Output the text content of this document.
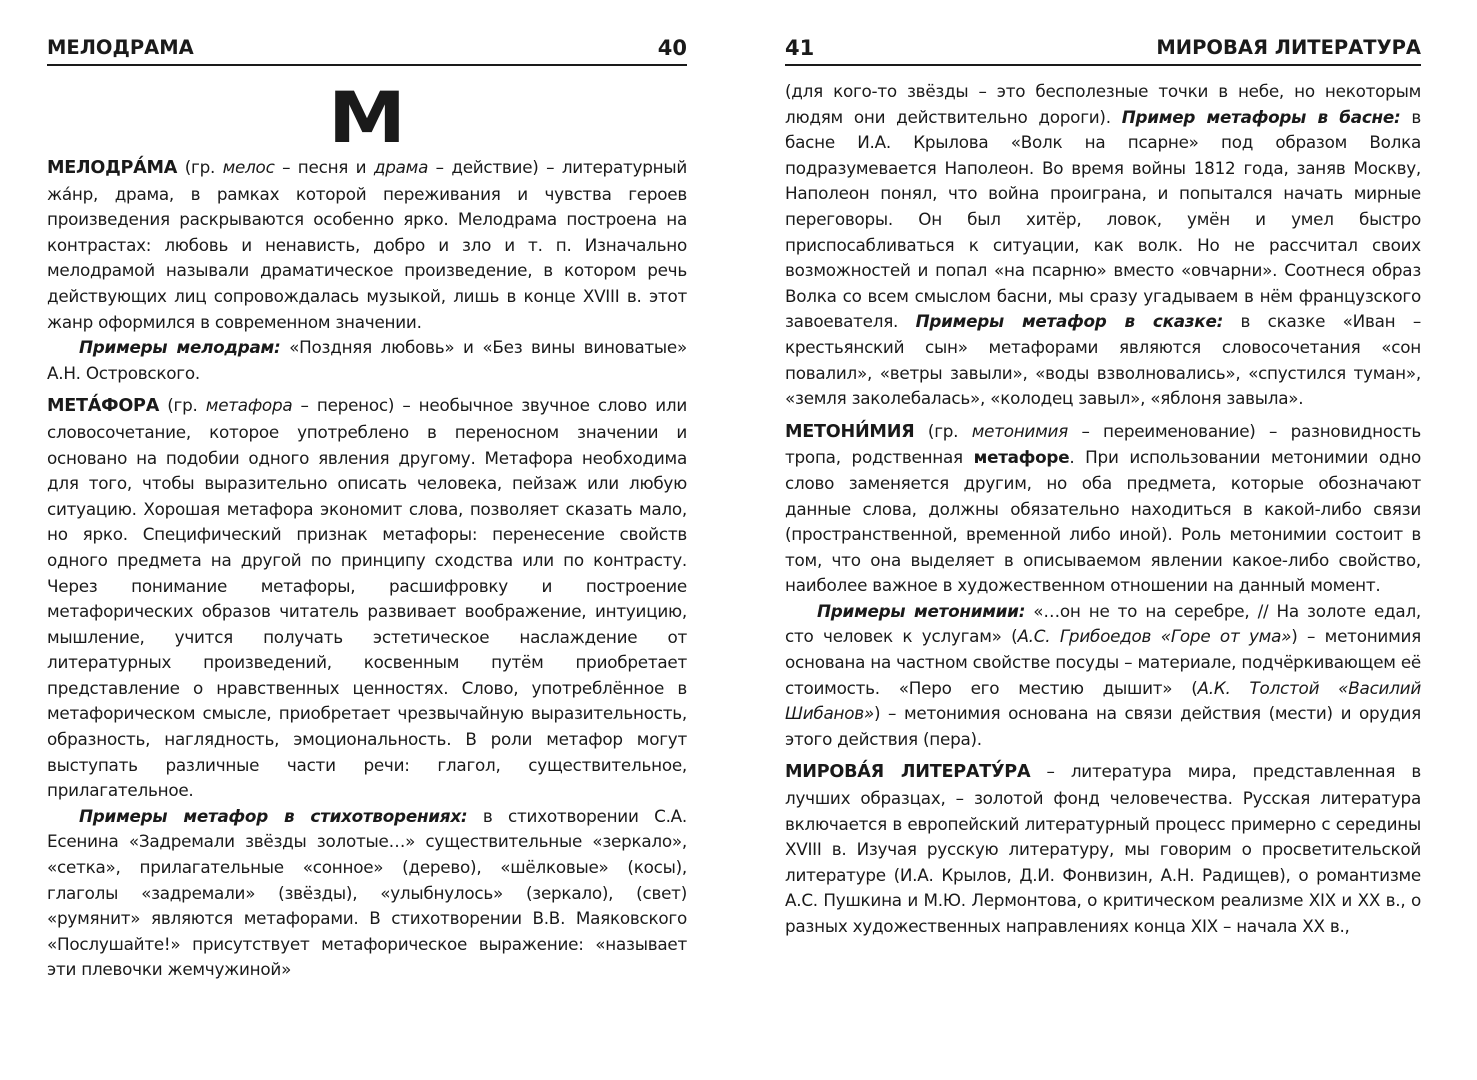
МЕЛОДРАМА	40
М

МЕЛОДРА́МА (гр. мелос – песня и драма – действие) – литературный жа́нр, драма, в рамках которой переживания и чувства героев произведения раскрываются особенно ярко. Мелодрама построена на контрастах: любовь и ненависть, добро и зло и т. п. Изначально мелодрамой называли драматическое произведение, в котором речь действующих лиц сопровождалась музыкой, лишь в конце XVIII в. этот жанр оформился в современном значении.

Примеры мелодрам: «Поздняя любовь» и «Без вины виноватые» А.Н. Островского.

МЕТА́ФОРА (гр. метафора – перенос) – необычное звучное слово или словосочетание, которое употреблено в переносном значении и основано на подобии одного явления другому. Метафора необходима для того, чтобы выразительно описать человека, пейзаж или любую ситуацию. Хорошая метафора экономит слова, позволяет сказать мало, но ярко. Специфический признак метафоры: перенесение свойств одного предмета на другой по принципу сходства или по контрасту. Через понимание метафоры, расшифровку и построение метафорических образов читатель развивает воображение, интуицию, мышление, учится получать эстетическое наслаждение от литературных произведений, косвенным путём приобретает представление о нравственных ценностях. Слово, употреблённое в метафорическом смысле, приобретает чрезвычайную выразительность, образность, наглядность, эмоциональность. В роли метафор могут выступать различные части речи: глагол, существительное, прилагательное.

Примеры метафор в стихотворениях: в стихотворении С.А. Есенина «Задремали звёзды золотые…» существительные «зеркало», «сетка», прилагательные «сонное» (дерево), «шёлковые» (косы), глаголы «задремали» (звёзды), «улыбнулось» (зеркало), (свет) «румянит» являются метафорами. В стихотворении В.В. Маяковского «Послушайте!» присутствует метафорическое выражение: «называет эти плевочки жемчужиной»

41	МИРОВАЯ ЛИТЕРАТУРА

(для кого-то звёзды – это бесполезные точки в небе, но некоторым людям они действительно дороги). Пример метафоры в басне: в басне И.А. Крылова «Волк на псарне» под образом Волка подразумевается Наполеон. Во время войны 1812 года, заняв Москву, Наполеон понял, что война проиграна, и попытался начать мирные переговоры. Он был хитёр, ловок, умён и умел быстро приспосабливаться к ситуации, как волк. Но не рассчитал своих возможностей и попал «на псарню» вместо «овчарни». Соотнеся образ Волка со всем смыслом басни, мы сразу угадываем в нём французского завоевателя. Примеры метафор в сказке: в сказке «Иван – крестьянский сын» метафорами являются словосочетания «сон повалил», «ветры завыли», «воды взволновались», «спустился туман», «земля заколебалась», «колодец завыл», «яблоня завыла».

МЕТОНИ́МИЯ (гр. метонимия – переименование) – разновидность тропа, родственная метафоре. При использовании метонимии одно слово заменяется другим, но оба предмета, которые обозначают данные слова, должны обязательно находиться в какой-либо связи (пространственной, временной либо иной). Роль метонимии состоит в том, что она выделяет в описываемом явлении какое-либо свойство, наиболее важное в художественном отношении на данный момент.

Примеры метонимии: «…он не то на серебре, // На золоте едал, сто человек к услугам» (А.С. Грибоедов «Горе от ума») – метонимия основана на частном свойстве посуды – материале, подчёркивающем её стоимость. «Перо его местию дышит» (А.К. Толстой «Василий Шибанов») – метонимия основана на связи действия (мести) и орудия этого действия (пера).

МИРОВА́Я ЛИТЕРАТУ́РА – литература мира, представленная в лучших образцах, – золотой фонд человечества. Русская литература включается в европейский литературный процесс примерно с середины XVIII в. Изучая русскую литературу, мы говорим о просветительской литературе (И.А. Крылов, Д.И. Фонвизин, А.Н. Радищев), о романтизме А.С. Пушкина и М.Ю. Лермонтова, о критическом реализме XIX и XX в., о разных художественных направлениях конца XIX – начала XX в.,
